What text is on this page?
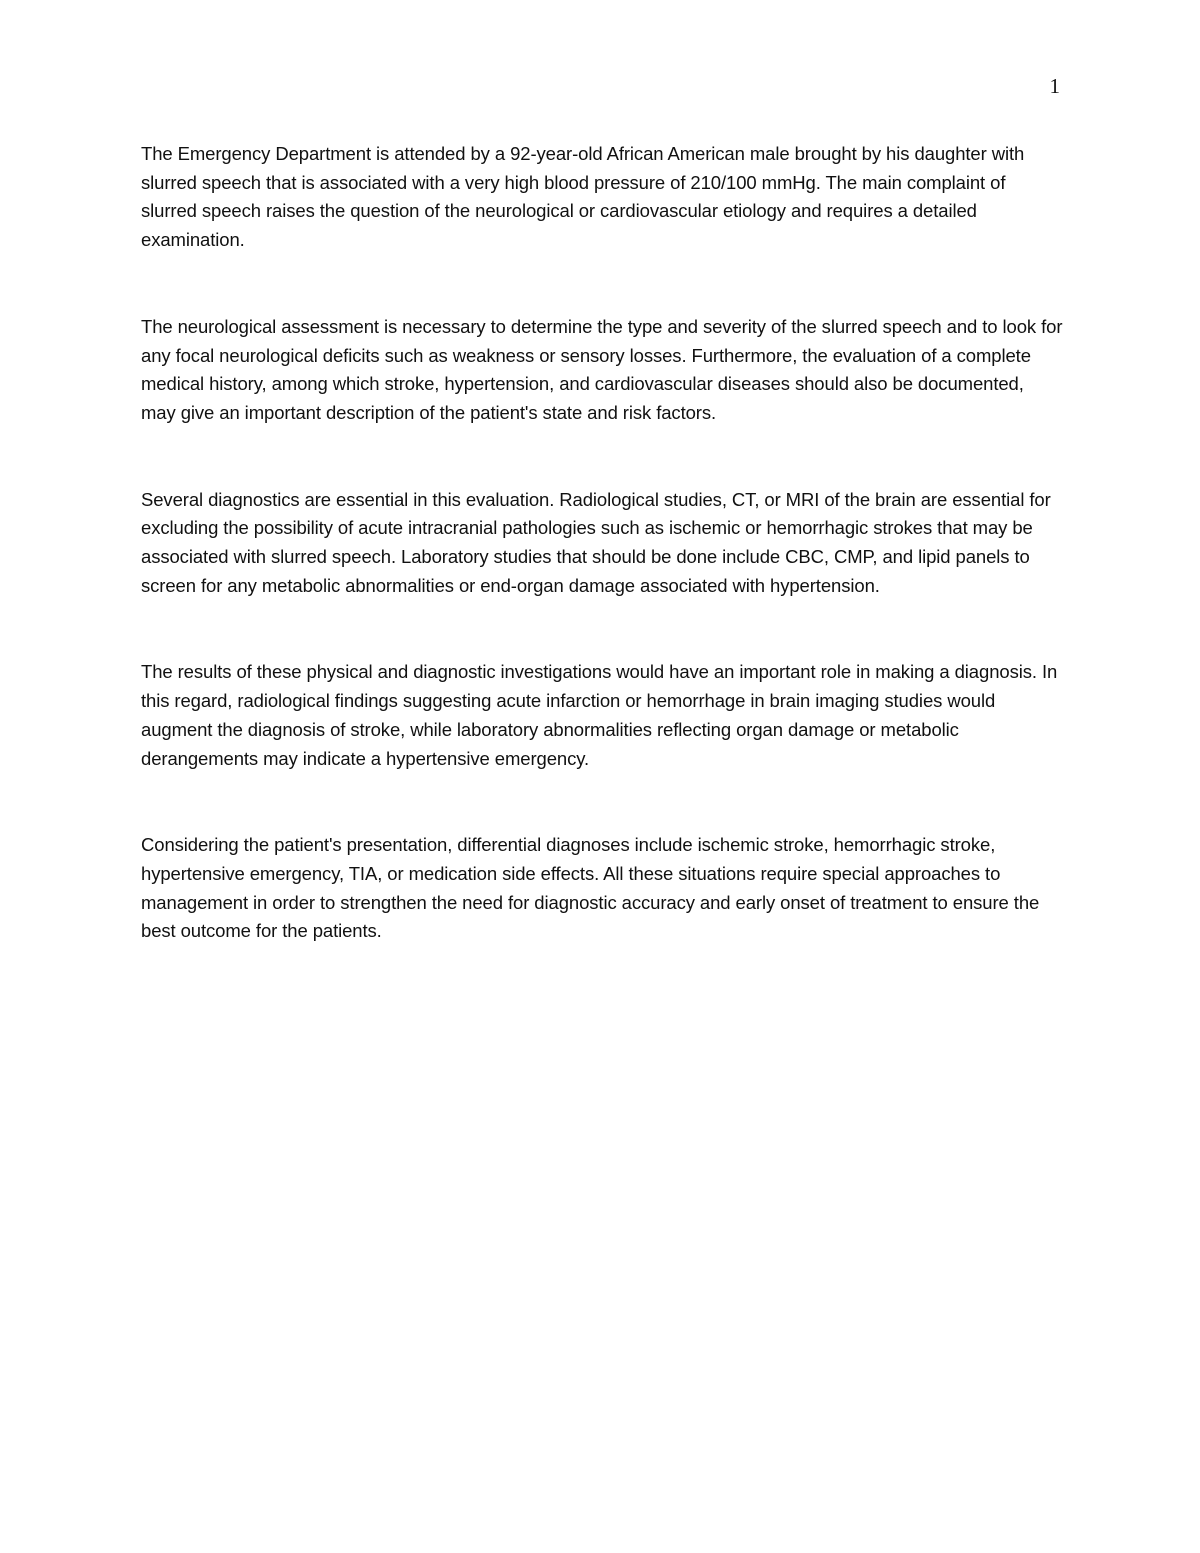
1

The Emergency Department is attended by a 92-year-old African American male brought by his daughter with slurred speech that is associated with a very high blood pressure of 210/100 mmHg. The main complaint of slurred speech raises the question of the neurological or cardiovascular etiology and requires a detailed examination.

The neurological assessment is necessary to determine the type and severity of the slurred speech and to look for any focal neurological deficits such as weakness or sensory losses. Furthermore, the evaluation of a complete medical history, among which stroke, hypertension, and cardiovascular diseases should also be documented, may give an important description of the patient's state and risk factors.

Several diagnostics are essential in this evaluation. Radiological studies, CT, or MRI of the brain are essential for excluding the possibility of acute intracranial pathologies such as ischemic or hemorrhagic strokes that may be associated with slurred speech. Laboratory studies that should be done include CBC, CMP, and lipid panels to screen for any metabolic abnormalities or end-organ damage associated with hypertension.

The results of these physical and diagnostic investigations would have an important role in making a diagnosis. In this regard, radiological findings suggesting acute infarction or hemorrhage in brain imaging studies would augment the diagnosis of stroke, while laboratory abnormalities reflecting organ damage or metabolic derangements may indicate a hypertensive emergency.

Considering the patient's presentation, differential diagnoses include ischemic stroke, hemorrhagic stroke, hypertensive emergency, TIA, or medication side effects. All these situations require special approaches to management in order to strengthen the need for diagnostic accuracy and early onset of treatment to ensure the best outcome for the patients.
